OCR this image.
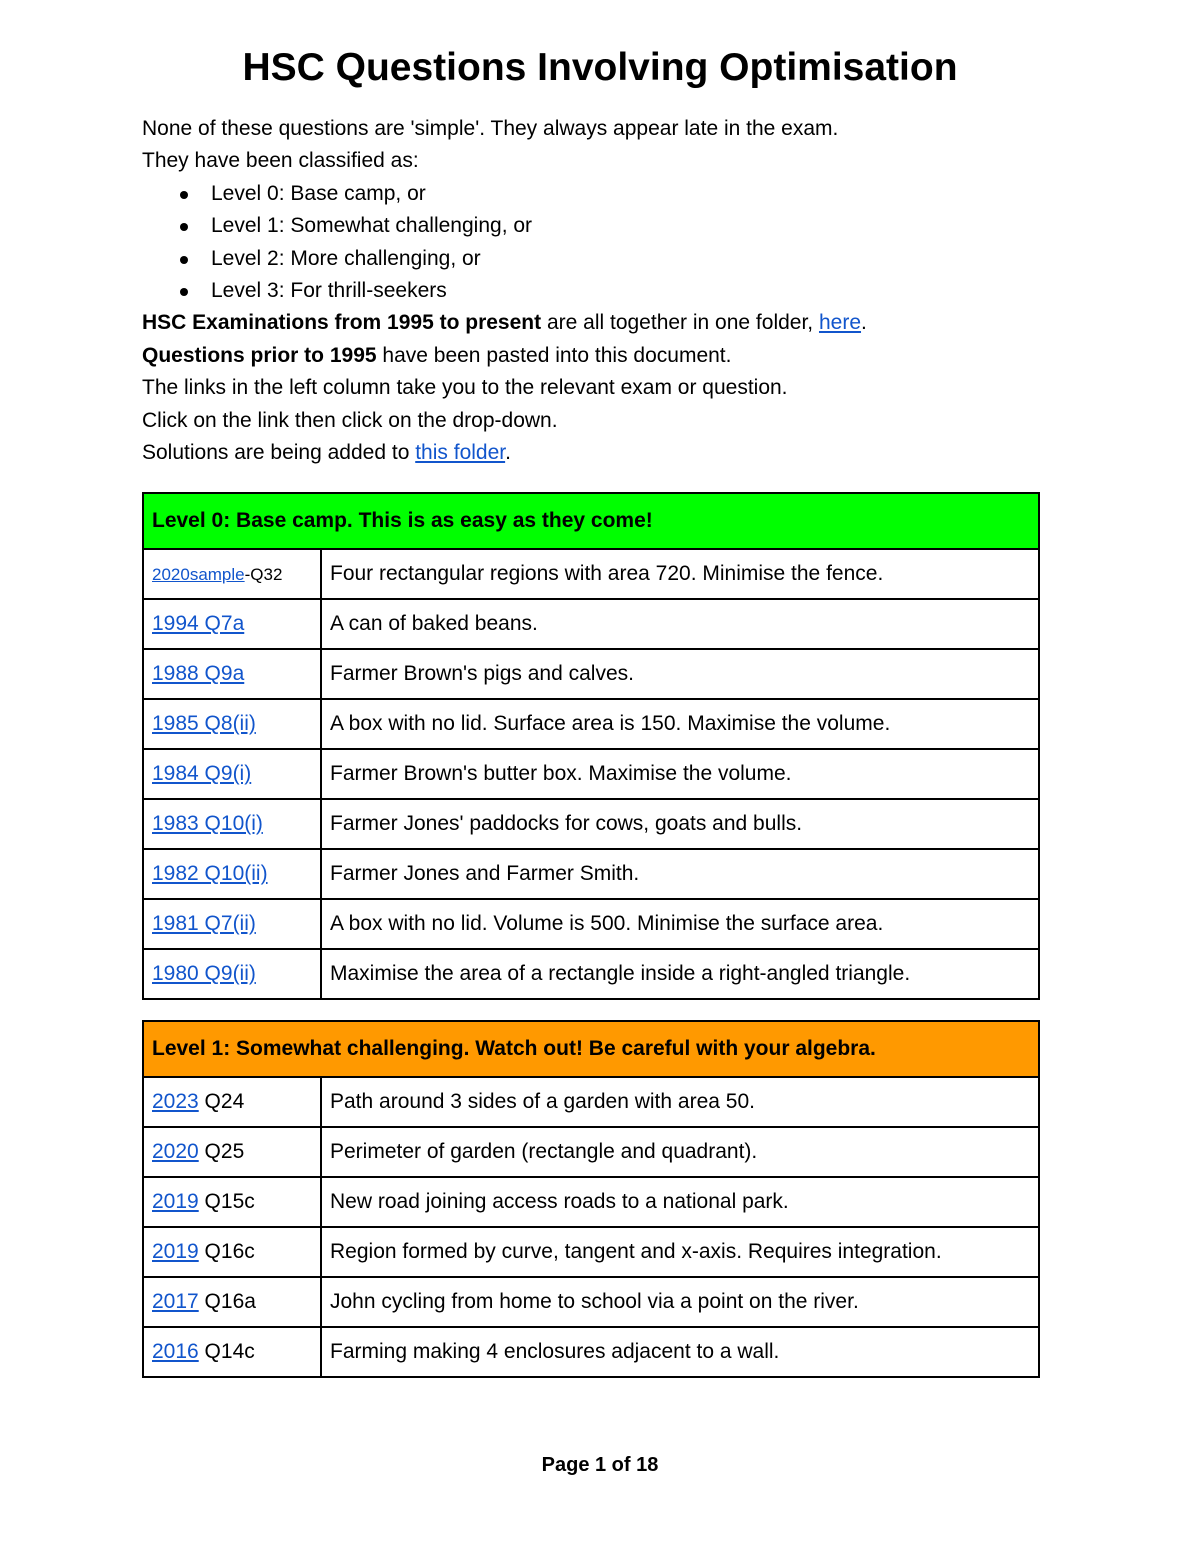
HSC Questions Involving Optimisation

None of these questions are 'simple'. They always appear late in the exam.

They have been classified as:

Level 0: Base camp, or
Level 1: Somewhat challenging, or
Level 2: More challenging, or
Level 3: For thrill-seekers

HSC Examinations from 1995 to present are all together in one folder, here.

Questions prior to 1995 have been pasted into this document.

The links in the left column take you to the relevant exam or question.

Click on the link then click on the drop-down.

Solutions are being added to this folder.

Level 0: Base camp. This is as easy as they come!	
2020sample-Q32	Four rectangular regions with area 720. Minimise the fence.
1994 Q7a	A can of baked beans.
1988 Q9a	Farmer Brown's pigs and calves.
1985 Q8(ii)	A box with no lid. Surface area is 150. Maximise the volume.
1984 Q9(i)	Farmer Brown's butter box. Maximise the volume.
1983 Q10(i)	Farmer Jones' paddocks for cows, goats and bulls.
1982 Q10(ii)	Farmer Jones and Farmer Smith.
1981 Q7(ii)	A box with no lid. Volume is 500. Minimise the surface area.
1980 Q9(ii)	Maximise the area of a rectangle inside a right-angled triangle.
Level 1: Somewhat challenging. Watch out! Be careful with your algebra.	
2023 Q24	Path around 3 sides of a garden with area 50.
2020 Q25	Perimeter of garden (rectangle and quadrant).
2019 Q15c	New road joining access roads to a national park.
2019 Q16c	Region formed by curve, tangent and x-axis. Requires integration.
2017 Q16a	John cycling from home to school via a point on the river.
2016 Q14c	Farming making 4 enclosures adjacent to a wall.
Page 1 of 18
